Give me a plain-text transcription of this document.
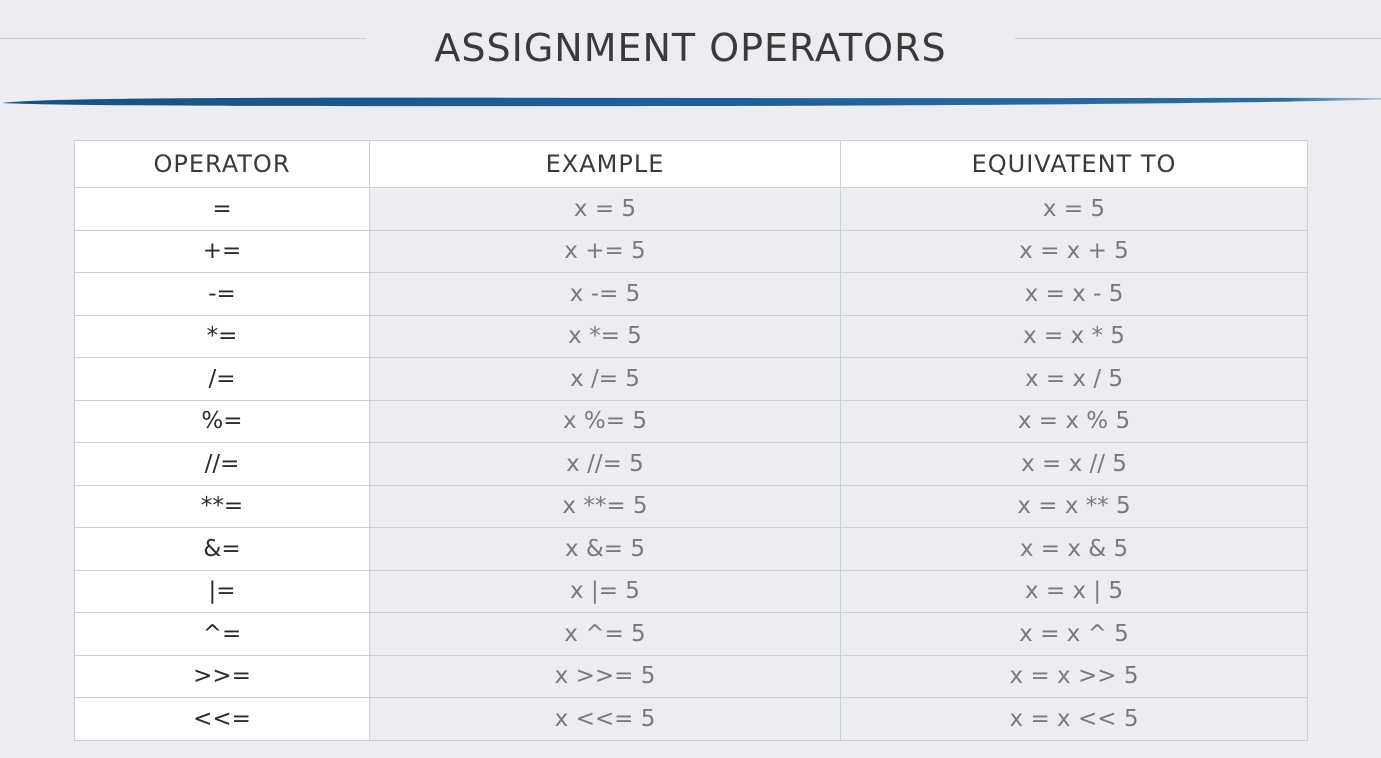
ASSIGNMENT OPERATORS
OPERATOR	EXAMPLE	EQUIVATENT TO
=	x = 5	x = 5
+=	x += 5	x = x + 5
-=	x -= 5	x = x - 5
*=	x *= 5	x = x * 5
/=	x /= 5	x = x / 5
%=	x %= 5	x = x % 5
//=	x //= 5	x = x // 5
**=	x **= 5	x = x ** 5
&=	x &= 5	x = x & 5
|=	x |= 5	x = x | 5
^=	x ^= 5	x = x ^ 5
>>=	x >>= 5	x = x >> 5
<<=	x <<= 5	x = x << 5
